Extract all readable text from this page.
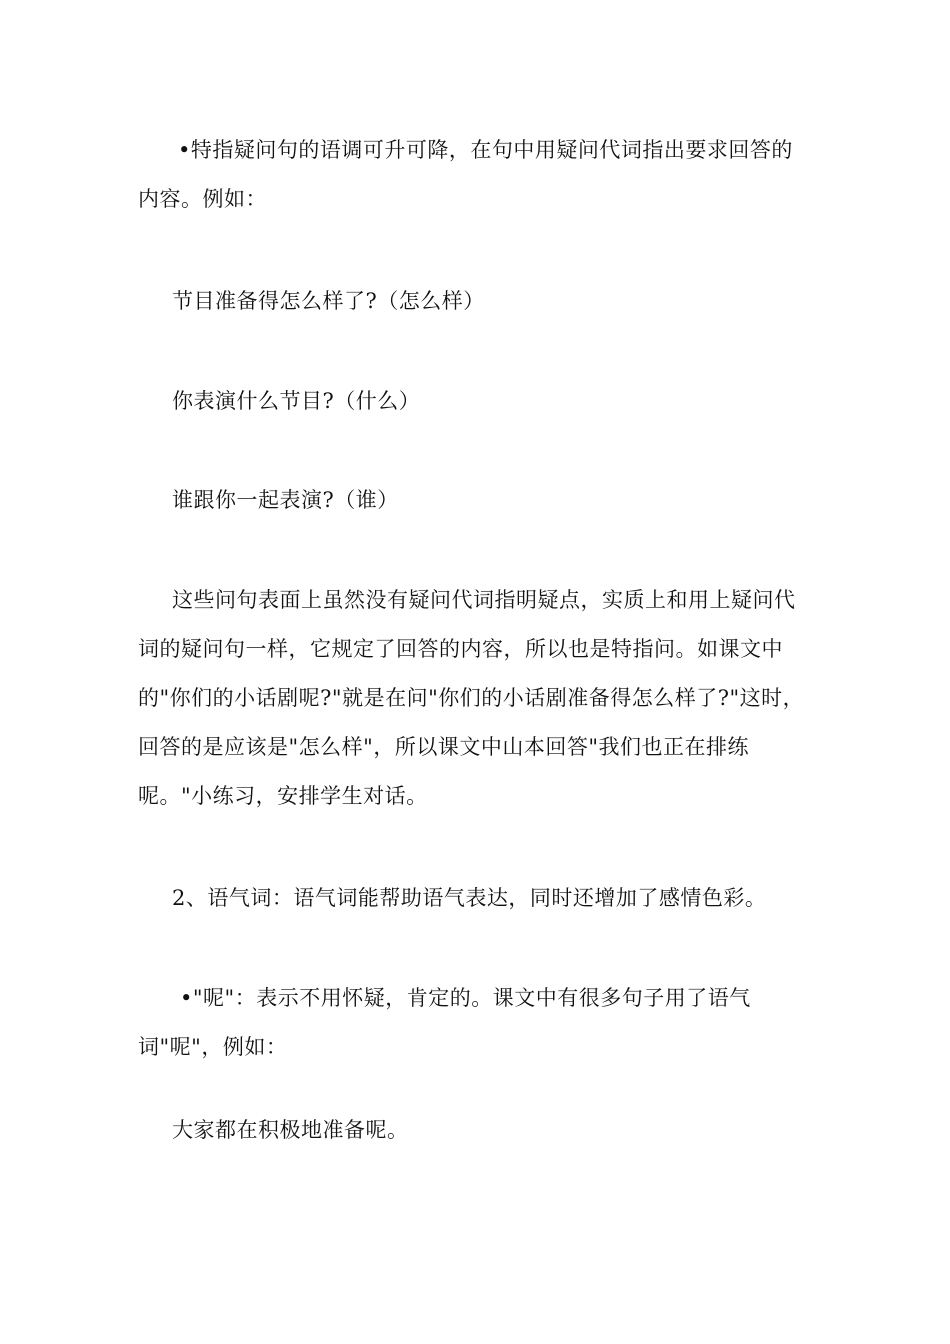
•特指疑问句的语调可升可降，在句中用疑问代词指出要求回答的内容。例如：

节目准备得怎么样了?（怎么样）

你表演什么节目?（什么）

谁跟你一起表演?（谁）

这些问句表面上虽然没有疑问代词指明疑点，实质上和用上疑问代词的疑问句一样，它规定了回答的内容，所以也是特指问。如课文中的"你们的小话剧呢?"就是在问"你们的小话剧准备得怎么样了?"这时，回答的是应该是"怎么样"，所以课文中山本回答"我们也正在排练呢。"小练习，安排学生对话。

2、语气词：语气词能帮助语气表达，同时还增加了感情色彩。

•"呢"：表示不用怀疑，肯定的。课文中有很多句子用了语气词"呢"，例如：

大家都在积极地准备呢。
